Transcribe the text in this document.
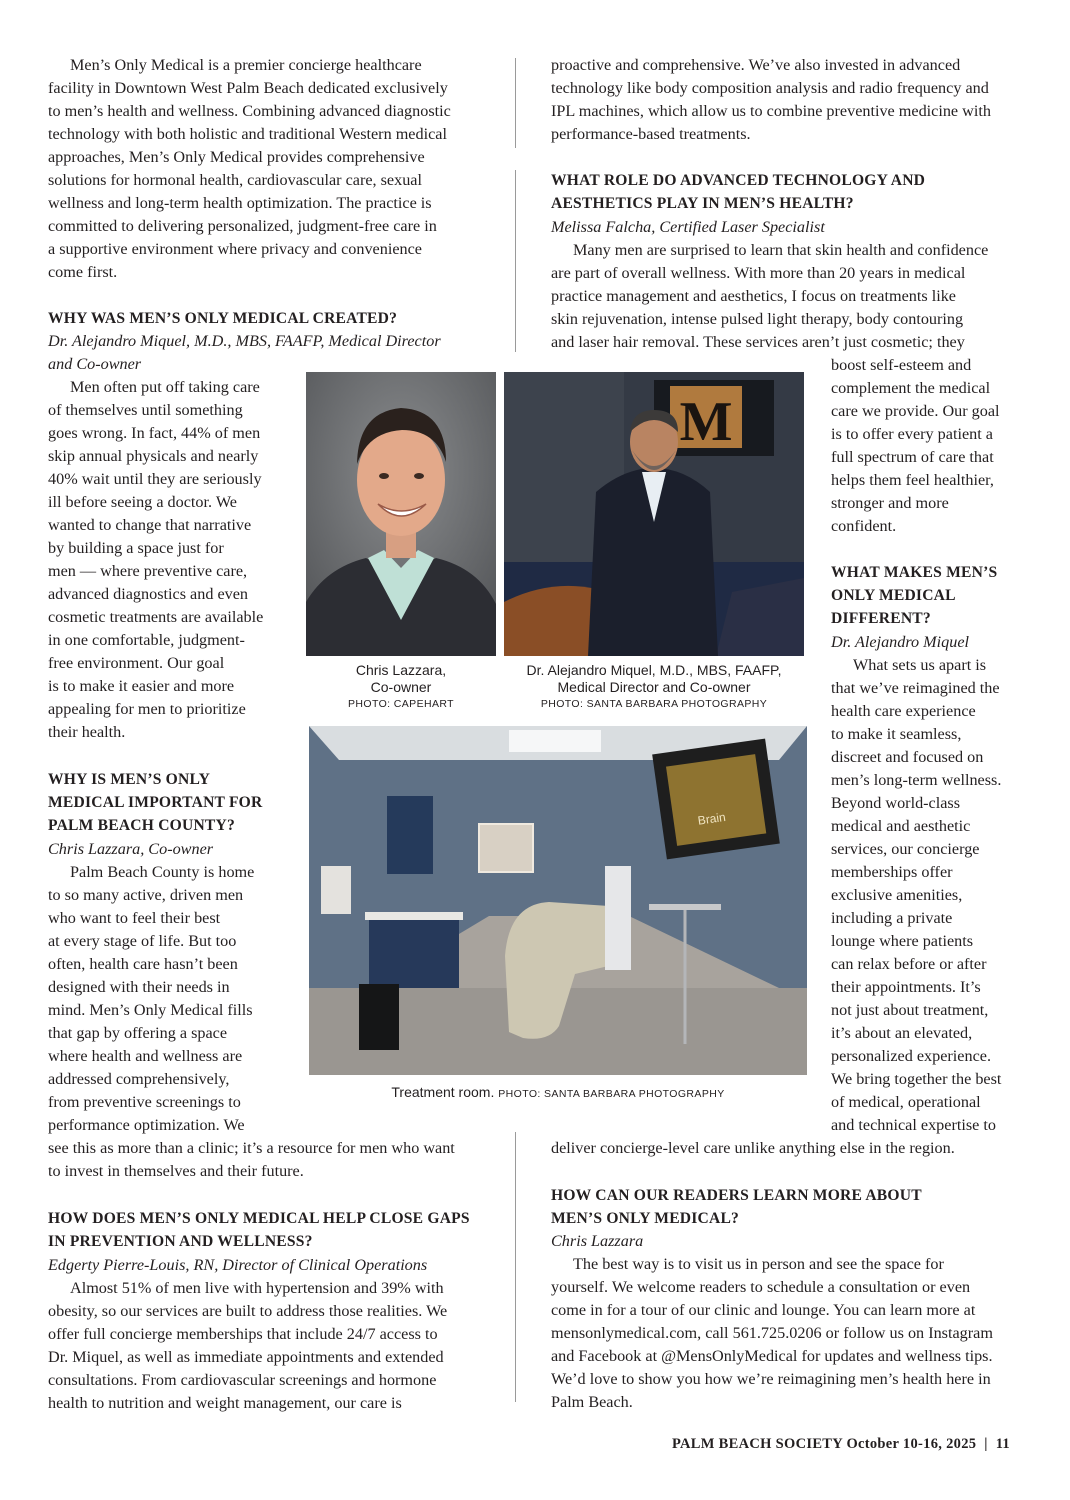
Men’s Only Medical is a premier concierge healthcare
facility in Downtown West Palm Beach dedicated exclusively
to men’s health and wellness. Combining advanced diagnostic
technology with both holistic and traditional Western medical
approaches, Men’s Only Medical provides comprehensive
solutions for hormonal health, cardiovascular care, sexual
wellness and long-term health optimization. The practice is
committed to delivering personalized, judgment-free care in
a supportive environment where privacy and convenience
come first.
WHY WAS MEN’S ONLY MEDICAL CREATED?
Dr. Alejandro Miquel, M.D., MBS, FAAFP, Medical Director
and Co-owner
Men often put off taking care
of themselves until something
goes wrong. In fact, 44% of men
skip annual physicals and nearly
40% wait until they are seriously
ill before seeing a doctor. We
wanted to change that narrative
by building a space just for
men — where preventive care,
advanced diagnostics and even
cosmetic treatments are available
in one comfortable, judgment-
free environment. Our goal
is to make it easier and more
appealing for men to prioritize
their health.
WHY IS MEN’S ONLY
MEDICAL IMPORTANT FOR
PALM BEACH COUNTY?
Chris Lazzara, Co-owner
Palm Beach County is home
to so many active, driven men
who want to feel their best
at every stage of life. But too
often, health care hasn’t been
designed with their needs in
mind. Men’s Only Medical fills
that gap by offering a space
where health and wellness are
addressed comprehensively,
from preventive screenings to
performance optimization. We
see this as more than a clinic; it’s a resource for men who want
to invest in themselves and their future.
HOW DOES MEN’S ONLY MEDICAL HELP CLOSE GAPS
IN PREVENTION AND WELLNESS?
Edgerty Pierre-Louis, RN, Director of Clinical Operations
Almost 51% of men live with hypertension and 39% with
obesity, so our services are built to address those realities. We
offer full concierge memberships that include 24/7 access to
Dr. Miquel, as well as immediate appointments and extended
consultations. From cardiovascular screenings and hormone
health to nutrition and weight management, our care is
proactive and comprehensive. We’ve also invested in advanced
technology like body composition analysis and radio frequency and
IPL machines, which allow us to combine preventive medicine with
performance-based treatments.
WHAT ROLE DO ADVANCED TECHNOLOGY AND
AESTHETICS PLAY IN MEN’S HEALTH?
Melissa Falcha, Certified Laser Specialist
Many men are surprised to learn that skin health and confidence
are part of overall wellness. With more than 20 years in medical
practice management and aesthetics, I focus on treatments like
skin rejuvenation, intense pulsed light therapy, body contouring
and laser hair removal. These services aren’t just cosmetic; they
boost self-esteem and
complement the medical
care we provide. Our goal
is to offer every patient a
full spectrum of care that
helps them feel healthier,
stronger and more
confident.
WHAT MAKES MEN’S
ONLY MEDICAL
DIFFERENT?
Dr. Alejandro Miquel
What sets us apart is
that we’ve reimagined the
health care experience
to make it seamless,
discreet and focused on
men’s long-term wellness.
Beyond world-class
medical and aesthetic
services, our concierge
memberships offer
exclusive amenities,
including a private
lounge where patients
can relax before or after
their appointments. It’s
not just about treatment,
it’s about an elevated,
personalized experience.
We bring together the best
of medical, operational
and technical expertise to
deliver concierge-level care unlike anything else in the region.
HOW CAN OUR READERS LEARN MORE ABOUT
MEN’S ONLY MEDICAL?
Chris Lazzara
The best way is to visit us in person and see the space for
yourself. We welcome readers to schedule a consultation or even
come in for a tour of our clinic and lounge. You can learn more at
mensonlymedical.com, call 561.725.0206 or follow us on Instagram
and Facebook at @MensOnlyMedical for updates and wellness tips.
We’d love to show you how we’re reimagining men’s health here in
Palm Beach.
Chris Lazzara,
Co-owner
PHOTO: CAPEHART
M
Dr. Alejandro Miquel, M.D., MBS, FAAFP,
Medical Director and Co-owner
PHOTO: SANTA BARBARA PHOTOGRAPHY
Brain
Treatment room. PHOTO: SANTA BARBARA PHOTOGRAPHY
PALM BEACH SOCIETY October 10-16, 2025 | 11
